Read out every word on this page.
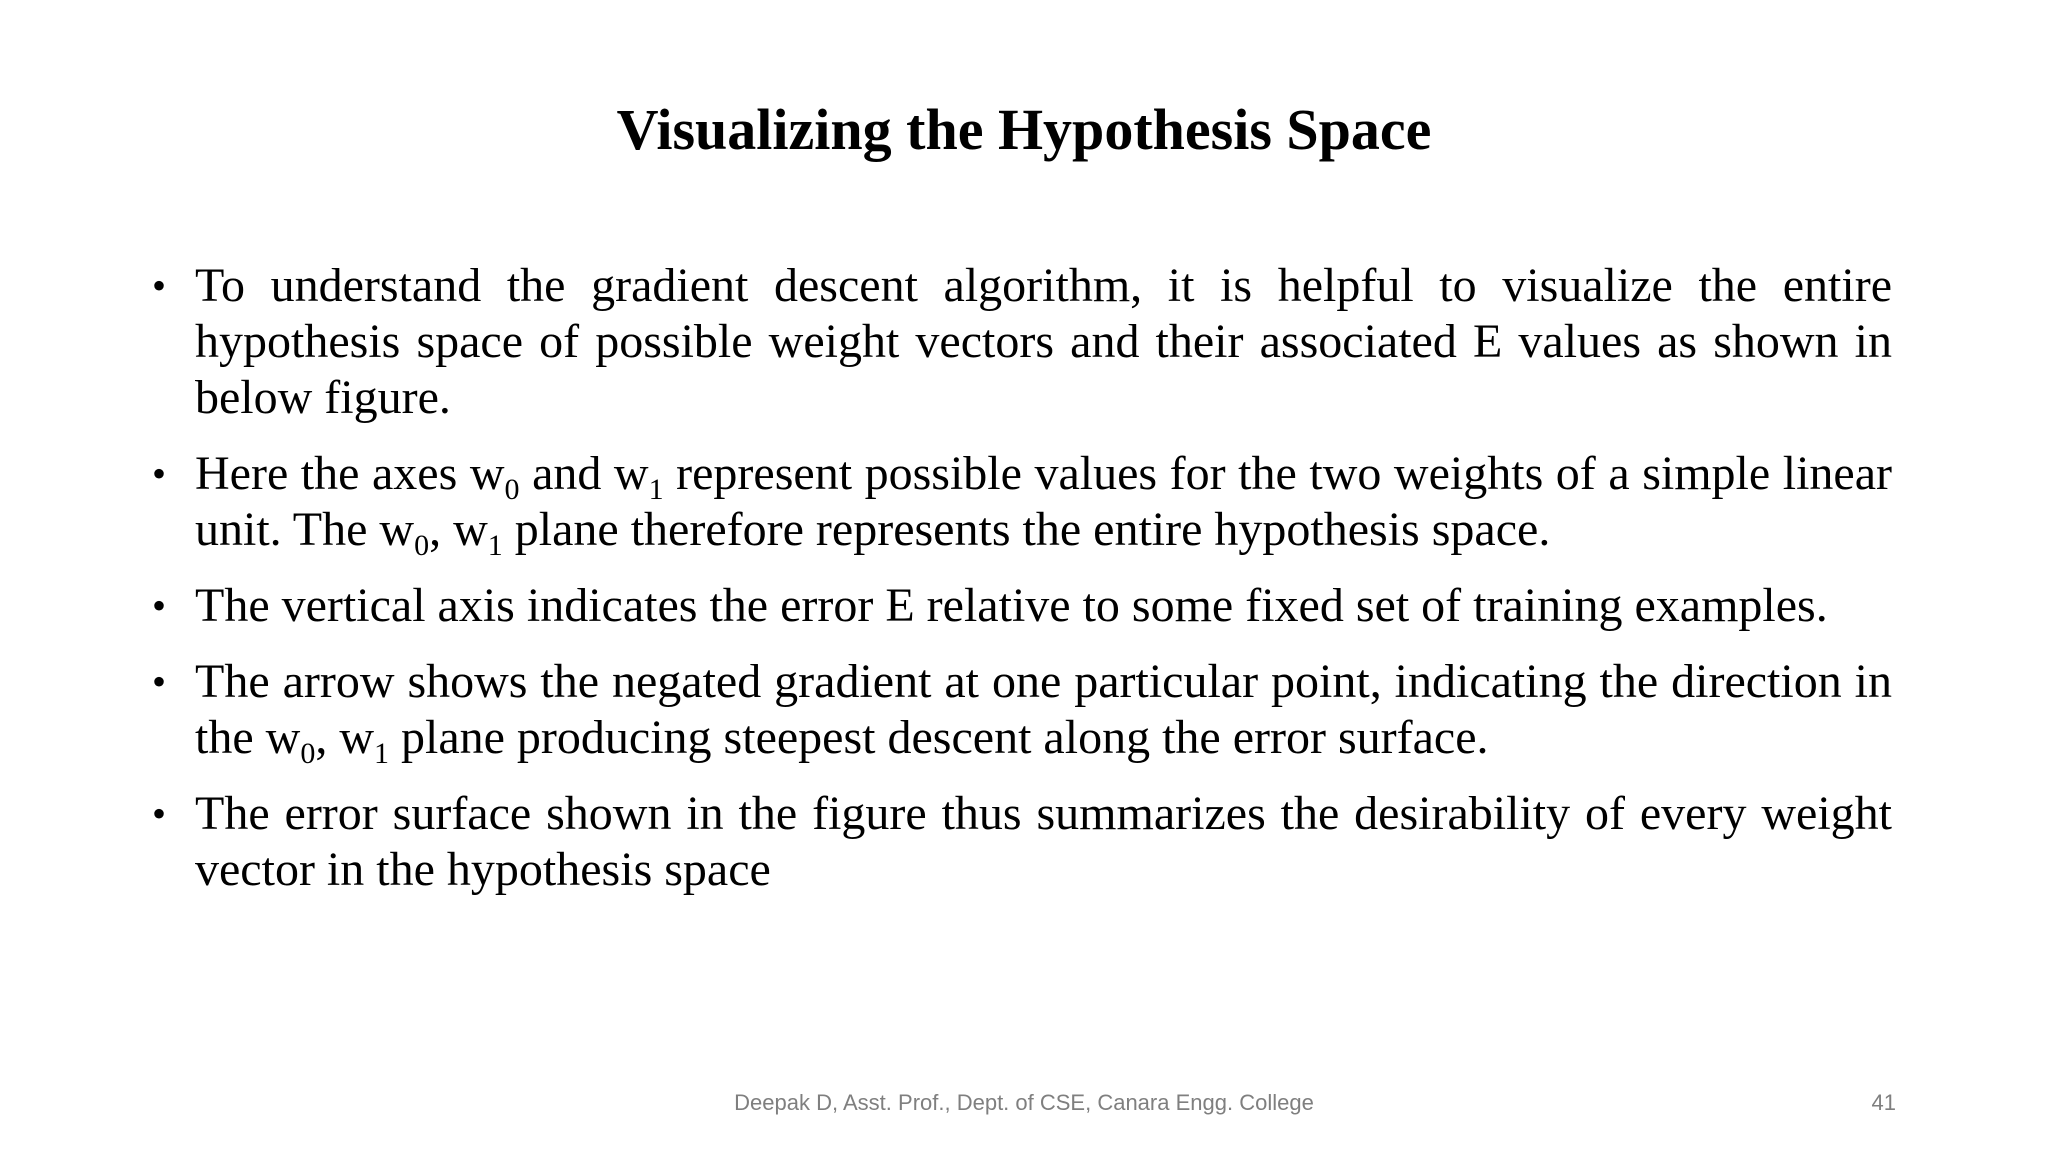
Visualizing the Hypothesis Space
• To understand the gradient descent algorithm, it is helpful to visualize the entire hypothesis space of possible weight vectors and their associated E values as shown in below figure.
• Here the axes $w_0$ and $w_1$ represent possible values for the two weights of a simple linear unit. The $w_0$, $w_1$ plane therefore represents the entire hypothesis space.
• The vertical axis indicates the error E relative to some fixed set of training examples.
• The arrow shows the negated gradient at one particular point, indicating the direction in the $w_0$, $w_1$ plane producing steepest descent along the error surface.
• The error surface shown in the figure thus summarizes the desirability of every weight vector in the hypothesis space
Deepak D, Asst. Prof., Dept. of CSE, Canara Engg. College	41
